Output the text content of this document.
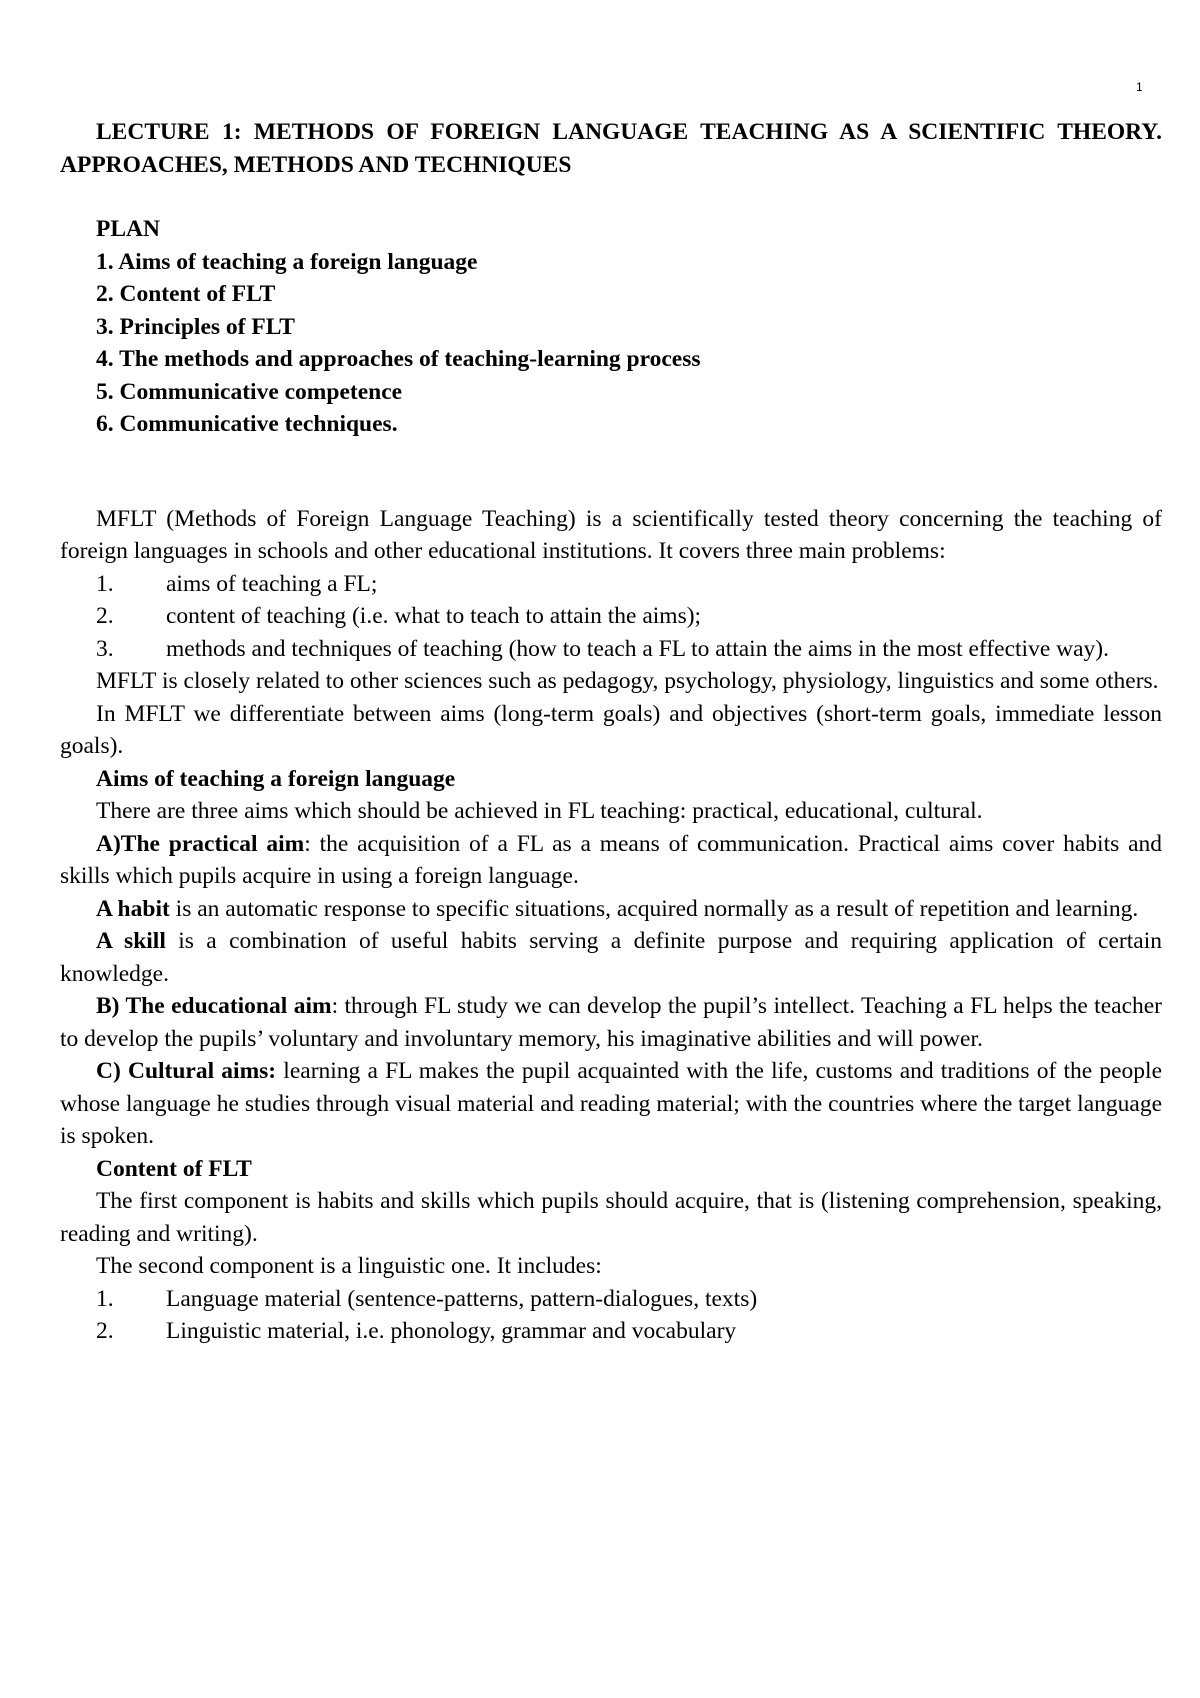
1

LECTURE 1: METHODS OF FOREIGN LANGUAGE TEACHING AS A SCIENTIFIC THEORY. APPROACHES, METHODS AND TECHNIQUES

PLAN

1. Aims of teaching a foreign language

2. Content of FLT

3. Principles of FLT

4. The methods and approaches of teaching-learning process

5. Communicative competence

6. Communicative techniques.

MFLT (Methods of Foreign Language Teaching) is a scientifically tested theory concerning the teaching of foreign languages in schools and other educational institutions. It covers three main problems:

1.	aims of teaching a FL;
2.	content of teaching (i.e. what to teach to attain the aims);

3. methods and techniques of teaching (how to teach a FL to attain the aims in the most effective way).

MFLT is closely related to other sciences such as pedagogy, psychology, physiology, linguistics and some others.

In MFLT we differentiate between aims (long-term goals) and objectives (short-term goals, immediate lesson goals).

Aims of teaching a foreign language

There are three aims which should be achieved in FL teaching: practical, educational, cultural.

A)The practical aim: the acquisition of a FL as a means of communication. Practical aims cover habits and skills which pupils acquire in using a foreign language.

A habit is an automatic response to specific situations, acquired normally as a result of repetition and learning.

A skill is a combination of useful habits serving a definite purpose and requiring application of certain knowledge.

B) The educational aim: through FL study we can develop the pupil’s intellect. Teaching a FL helps the teacher to develop the pupils’ voluntary and involuntary memory, his imaginative abilities and will power.

C) Cultural aims: learning a FL makes the pupil acquainted with the life, customs and traditions of the people whose language he studies through visual material and reading material; with the countries where the target language is spoken.

Content of FLT

The first component is habits and skills which pupils should acquire, that is (listening comprehension, speaking, reading and writing).

The second component is a linguistic one. It includes:

1.	Language material (sentence-patterns, pattern-dialogues, texts)
2.	Linguistic material, i.e. phonology, grammar and vocabulary
